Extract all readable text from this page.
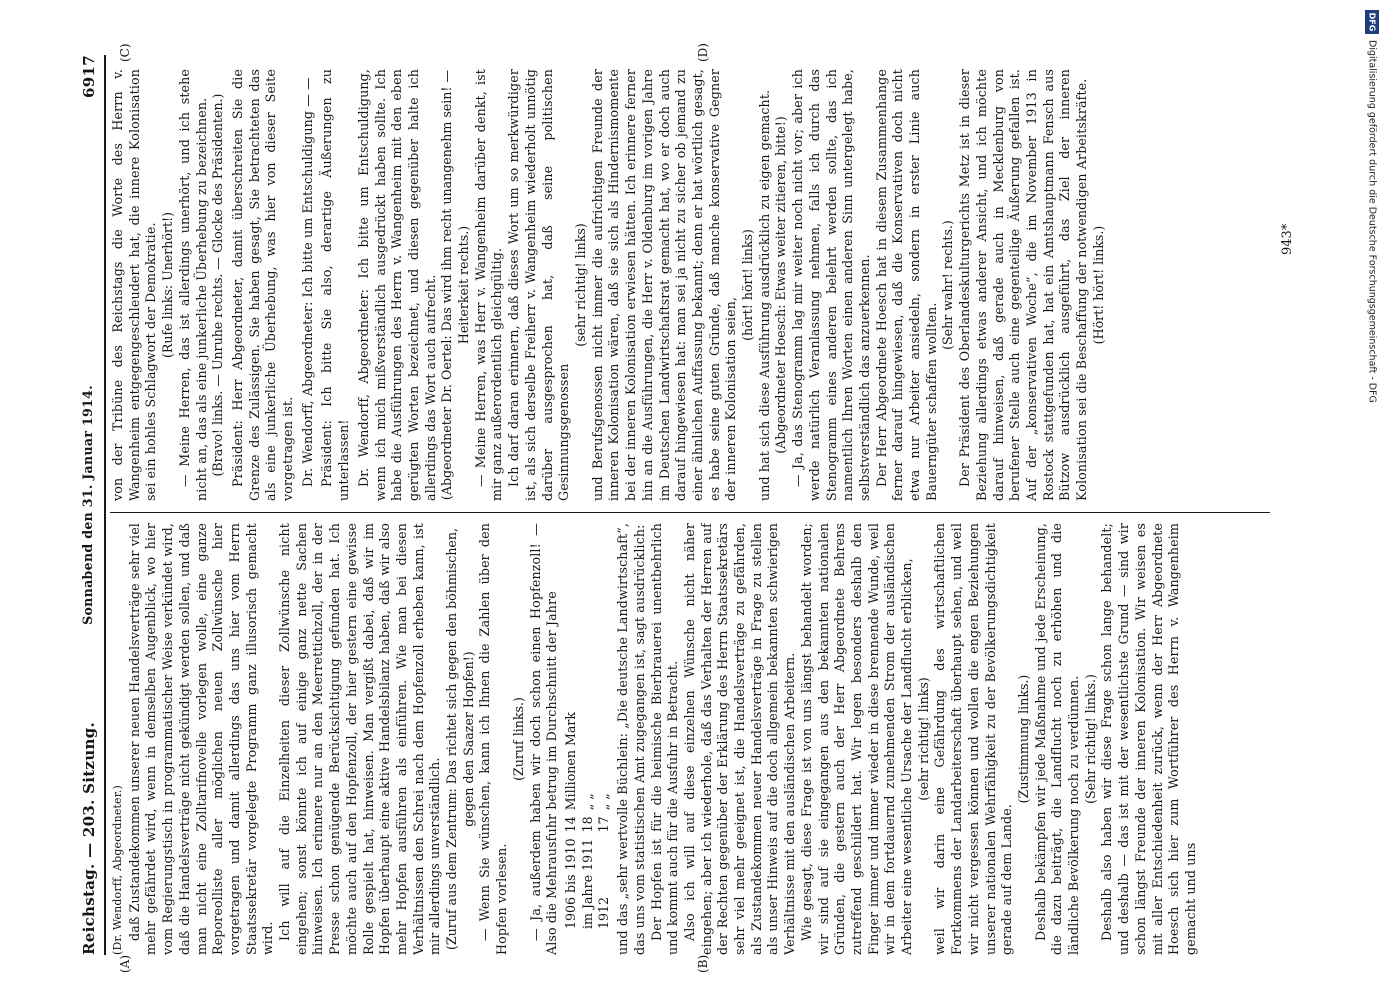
Reichstag. — 203. Sitzung.
Sonnabend den 31. Januar 1914.
6917
(A)	(B)
(C)	(D)

(Dr. Wendorff, Abgeordneter.) daß Zustandekommen unserer neuen Handelsverträge sehr viel mehr gefährdet wird, wenn in demselben Augenblick, wo hier vom Regierungstisch in programmatischer Weise verkündet wird, daß die Handelsverträge nicht gekündigt werden sollen, und daß man nicht eine Zolltarifnovelle vorlegen wolle, eine ganze Reporeolliste aller möglichen neuen Zollwünsche hier vorgetragen und damit allerdings das uns hier vom Herrn Staatssekretär vorgelegte Programm ganz illusorisch gemacht wird. Ich will auf die Einzelheiten dieser Zollwünsche nicht eingehen; sonst könnte ich auf einige ganz nette Sachen hinweisen. Ich erinnere nur an den Meerrettichzoll, der in der Presse schon genügende Berücksichtigung gefunden hat. Ich möchte auch auf den Hopfenzoll, der hier gestern eine gewisse Rolle gespielt hat, hinweisen. Man vergißt dabei, daß wir im Hopfen überhaupt eine aktive Handelsbilanz haben, daß wir also mehr Hopfen ausführen als einführen. Wie man bei diesen Verhältnissen den Schrei nach dem Hopfenzoll erheben kann, ist mir allerdings unverständlich. (Zuruf aus dem Zentrum: Das richtet sich gegen den böhmischen, gegen den Saazer Hopfen!) — Wenn Sie wünschen, kann ich Ihnen die Zahlen über den Hopfen vorlesen.

(Zuruf links.) — Ja, außerdem haben wir doch schon einen Hopfenzoll! — Also die Mehrausfuhr betrug im Durchschnitt der Jahre 1906 bis 1910	14	Millionen Mark
im Jahre 1911	18	„ „
1912	17	„ „ und das „sehr wertvolle Büchlein: „Die deutsche Landwirtschaft“, das uns vom statistischen Amt zugegangen ist, sagt ausdrücklich: Der Hopfen ist für die heimische Bierbrauerei unentbehrlich und kommt auch für die Ausfuhr in Betracht. Also ich will auf diese einzelnen Wünsche nicht näher eingehen; aber ich wiederhole, daß das Verhalten der Herren auf der Rechten gegenüber der Erklärung des Herrn Staatssekretärs sehr viel mehr geeignet ist, die Handelsverträge zu gefährden, als Zustandekommen neuer Handelsverträge in Frage zu stellen als unser Hinweis auf die doch allgemein bekannten schwierigen Verhältnisse mit den ausländischen Arbeitern. Wie gesagt, diese Frage ist von uns längst behandelt worden; wir sind auf sie eingegangen aus den bekannten nationalen Gründen, die gestern auch der Herr Abgeordnete Behrens zutreffend geschildert hat. Wir legen besonders deshalb den Finger immer und immer wieder in diese brennende Wunde, weil wir in dem fortdauernd zunehmenden Strom der ausländischen Arbeiter eine wesentliche Ursache der Landflucht erblicken, (sehr richtig! links) weil wir darin eine Gefährdung des wirtschaftlichen Fortkommens der Landarbeiterschaft überhaupt sehen, und weil wir nicht vergessen können und wollen die engen Beziehungen unserer nationalen Wehrfähigkeit zu der Bevölkerungsdichtigkeit gerade auf dem Lande.

(Zustimmung links.) Deshalb bekämpfen wir jede Maßnahme und jede Erscheinung, die dazu beiträgt, die Landflucht noch zu erhöhen und die ländliche Bevölkerung noch zu verdünnen. (Sehr richtig! links.) Deshalb also haben wir diese Frage schon lange behandelt; und deshalb — das ist mit der wesentlichste Grund — sind wir schon längst Freunde der inneren Kolonisation. Wir weisen es mit aller Entschiedenheit zurück, wenn der Herr Abgeordnete Hoesch sich hier zum Wortführer des Herrn v. Wangenheim gemacht und uns

von der Tribüne des Reichstags die Worte des Herrn v. Wangenheim entgegengeschleudert hat, die innere Kolonisation sei ein hohles Schlagwort der Demokratie. (Rufe links: Unerhört!) — Meine Herren, das ist allerdings unerhört, und ich stehe nicht an, das als eine junkerliche Überhebung zu bezeichnen. (Bravo! links. — Unruhe rechts. — Glocke des Präsidenten.) Präsident: Herr Abgeordneter, damit überschreiten Sie die Grenze des Zulässigen. Sie haben gesagt, Sie betrachteten das als eine junkerliche Überhebung, was hier von dieser Seite vorgetragen ist. Dr. Wendorff, Abgeordneter: Ich bitte um Entschuldigung — — Präsident: Ich bitte Sie also, derartige Äußerungen zu unterlassen! Dr. Wendorff, Abgeordneter: Ich bitte um Entschuldigung, wenn ich mich mißverständlich ausgedrückt haben sollte. Ich habe die Ausführungen des Herrn v. Wangenheim mit den eben gerügten Worten bezeichnet, und diesen gegenüber halte ich allerdings das Wort auch aufrecht. (Abgeordneter Dr. Oertel: Das wird ihm recht unangenehm sein! — Heiterkeit rechts.) — Meine Herren, was Herr v. Wangenheim darüber denkt, ist mir ganz außerordentlich gleichgültig. Ich darf daran erinnern, daß dieses Wort um so merkwürdiger ist, als sich derselbe Freiherr v. Wangenheim wiederholt unnötig darüber ausgesprochen hat, daß seine politischen Gesinnungsgenossen

(sehr richtig! links) und Berufsgenossen nicht immer die aufrichtigen Freunde der inneren Kolonisation wären, daß sie sich als Hindernismomente bei der inneren Kolonisation erwiesen hätten. Ich erinnere ferner hin an die Ausführungen, die Herr v. Oldenburg im vorigen Jahre im Deutschen Landwirtschaftsrat gemacht hat, wo er doch auch darauf hingewiesen hat: man sei ja nicht zu sicher ob jemand zu einer ähnlichen Auffassung bekannt; denn er hat wörtlich gesagt, es habe seine guten Gründe, daß manche konservative Gegner der inneren Kolonisation seien,

(hört! hört! links) und hat sich diese Ausführung ausdrücklich zu eigen gemacht. (Abgeordneter Hoesch: Etwas weiter zitieren, bitte!) — Ja, das Stenogramm lag mir weiter noch nicht vor; aber ich werde natürlich Veranlassung nehmen, falls ich durch das Stenogramm eines anderen belehrt werden sollte, das ich namentlich Ihren Worten einen anderen Sinn untergelegt habe, selbstverständlich das anzuerkennen. Der Herr Abgeordnete Hoesch hat in diesem Zusammenhange ferner darauf hingewiesen, daß die Konservativen doch nicht etwa nur Arbeiter ansiedeln, sondern in erster Linie auch Bauerngüter schaffen wollten.

(Sehr wahr! rechts.) Der Präsident des Oberlandeskulturgerichts Metz ist in dieser Beziehung allerdings etwas anderer Ansicht, und ich möchte darauf hinweisen, daß gerade auch in Mecklenburg von berufener Stelle auch eine gegenteilige Äußerung gefallen ist. Auf der „konservativen Woche“, die im November 1913 in Rostock stattgefunden hat, hat ein Amtshauptmann Fensch aus Bützow ausdrücklich ausgeführt, das Ziel der inneren Kolonisation sei die Beschaffung der notwendigen Arbeitskräfte. (Hört! hört! links.)	943*
DFG
Digitalisierung gefördert durch die Deutsche Forschungsgemeinschaft - DFG
